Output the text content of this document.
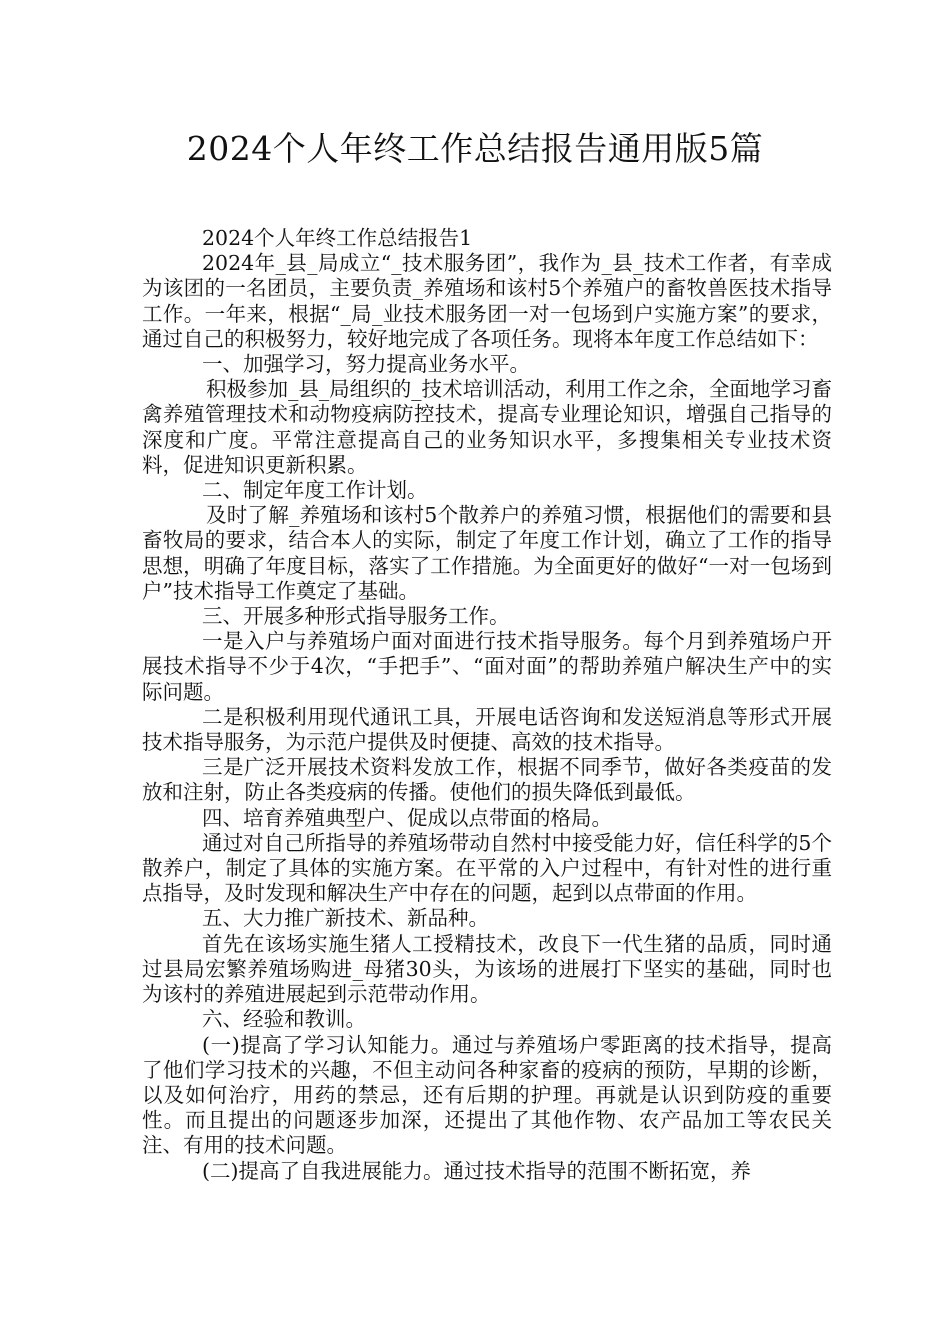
2024个人年终工作总结报告通用版5篇

2024个人年终工作总结报告1

2024年_县_局成立“_技术服务团”，我作为_县_技术工作者，有幸成为该团的一名团员，主要负责_养殖场和该村5个养殖户的畜牧兽医技术指导工作。一年来，根据“_局_业技术服务团一对一包场到户实施方案”的要求，通过自己的积极努力，较好地完成了各项任务。现将本年度工作总结如下：

一、加强学习，努力提高业务水平。

积极参加_县_局组织的_技术培训活动，利用工作之余，全面地学习畜禽养殖管理技术和动物疫病防控技术，提高专业理论知识，增强自己指导的深度和广度。平常注意提高自己的业务知识水平，多搜集相关专业技术资料，促进知识更新积累。

二、制定年度工作计划。

及时了解_养殖场和该村5个散养户的养殖习惯，根据他们的需要和县畜牧局的要求，结合本人的实际，制定了年度工作计划，确立了工作的指导思想，明确了年度目标，落实了工作措施。为全面更好的做好“一对一包场到户”技术指导工作奠定了基础。

三、开展多种形式指导服务工作。

一是入户与养殖场户面对面进行技术指导服务。每个月到养殖场户开展技术指导不少于4次，“手把手”、“面对面”的帮助养殖户解决生产中的实际问题。

二是积极利用现代通讯工具，开展电话咨询和发送短消息等形式开展技术指导服务，为示范户提供及时便捷、高效的技术指导。

三是广泛开展技术资料发放工作，根据不同季节，做好各类疫苗的发放和注射，防止各类疫病的传播。使他们的损失降低到最低。

四、培育养殖典型户、促成以点带面的格局。

通过对自己所指导的养殖场带动自然村中接受能力好，信任科学的5个散养户，制定了具体的实施方案。在平常的入户过程中，有针对性的进行重点指导，及时发现和解决生产中存在的问题，起到以点带面的作用。

五、大力推广新技术、新品种。

首先在该场实施生猪人工授精技术，改良下一代生猪的品质，同时通过县局宏繁养殖场购进_母猪30头，为该场的进展打下坚实的基础，同时也为该村的养殖进展起到示范带动作用。

六、经验和教训。

(一)提高了学习认知能力。通过与养殖场户零距离的技术指导，提高了他们学习技术的兴趣，不但主动问各种家畜的疫病的预防，早期的诊断，以及如何治疗，用药的禁忌，还有后期的护理。再就是认识到防疫的重要性。而且提出的问题逐步加深，还提出了其他作物、农产品加工等农民关注、有用的技术问题。

(二)提高了自我进展能力。通过技术指导的范围不断拓宽，养
